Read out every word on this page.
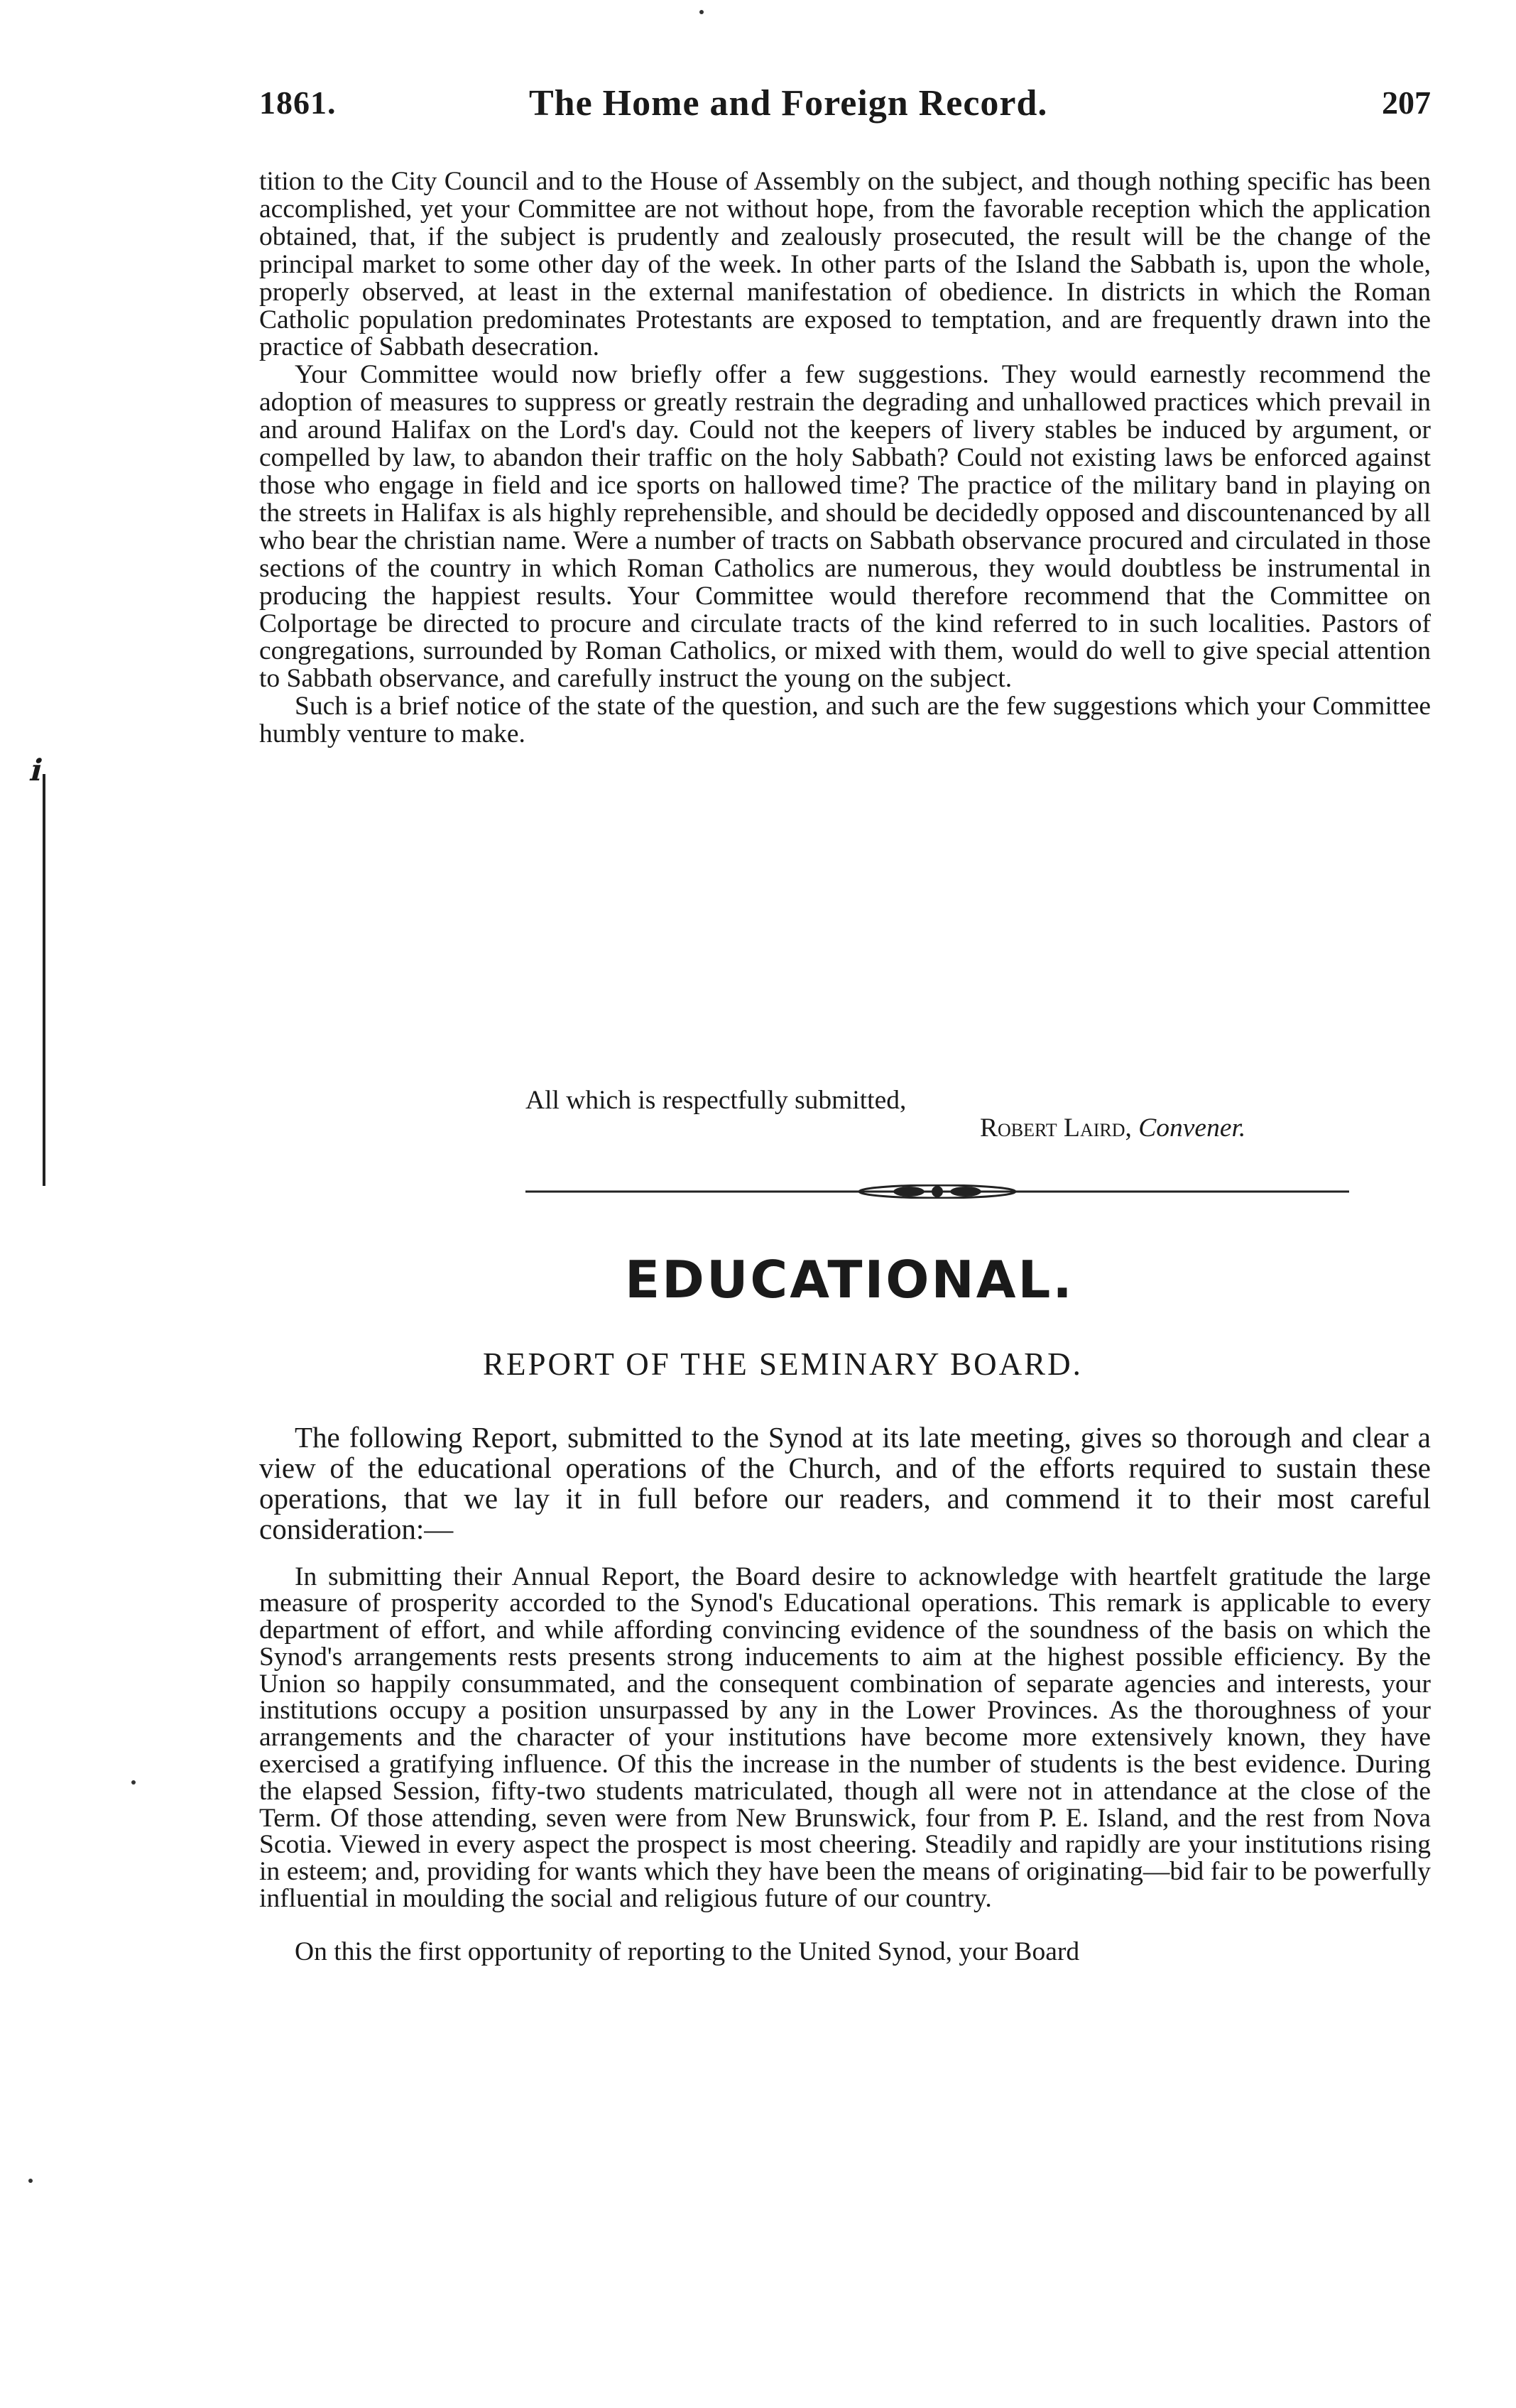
1861.	The Home and Foreign Record.	207
ℹ

tition to the City Council and to the House of Assembly on the subject, and though nothing specific has been accomplished, yet your Committee are not without hope, from the favorable reception which the application obtained, that, if the subject is prudently and zealously prosecuted, the result will be the change of the principal market to some other day of the week. In other parts of the Island the Sabbath is, upon the whole, properly observed, at least in the external manifestation of obedience. In districts in which the Roman Catholic population predominates Protestants are exposed to temptation, and are frequently drawn into the practice of Sabbath desecration.

Your Committee would now briefly offer a few suggestions. They would earnestly recommend the adoption of measures to suppress or greatly restrain the degrading and unhallowed practices which prevail in and around Halifax on the Lord's day. Could not the keepers of livery stables be induced by argument, or compelled by law, to abandon their traffic on the holy Sabbath? Could not existing laws be enforced against those who engage in field and ice sports on hallowed time? The practice of the military band in playing on the streets in Halifax is als highly reprehensible, and should be decidedly opposed and discountenanced by all who bear the christian name. Were a number of tracts on Sabbath observance procured and circulated in those sections of the country in which Roman Catholics are numerous, they would doubtless be instrumental in producing the happiest results. Your Committee would therefore recommend that the Committee on Colportage be directed to procure and circulate tracts of the kind referred to in such localities. Pastors of congregations, surrounded by Roman Catholics, or mixed with them, would do well to give special attention to Sabbath observance, and carefully instruct the young on the subject.

Such is a brief notice of the state of the question, and such are the few suggestions which your Committee humbly venture to make.

All which is respectfully submitted,
Robert Laird, Convener.
EDUCATIONAL.
REPORT OF THE SEMINARY BOARD.

The following Report, submitted to the Synod at its late meeting, gives so thorough and clear a view of the educational operations of the Church, and of the efforts required to sustain these operations, that we lay it in full before our readers, and commend it to their most careful consideration:—

In submitting their Annual Report, the Board desire to acknowledge with heartfelt gratitude the large measure of prosperity accorded to the Synod's Educational operations. This remark is applicable to every department of effort, and while affording convincing evidence of the soundness of the basis on which the Synod's arrangements rests presents strong inducements to aim at the highest possible efficiency. By the Union so happily consummated, and the consequent combination of separate agencies and interests, your institutions occupy a position unsurpassed by any in the Lower Provinces. As the thoroughness of your arrangements and the character of your institutions have become more extensively known, they have exercised a gratifying influence. Of this the increase in the number of students is the best evidence. During the elapsed Session, fifty-two students matriculated, though all were not in attendance at the close of the Term. Of those attending, seven were from New Brunswick, four from P. E. Island, and the rest from Nova Scotia. Viewed in every aspect the prospect is most cheering. Steadily and rapidly are your institutions rising in esteem; and, providing for wants which they have been the means of originating—bid fair to be powerfully influential in moulding the social and religious future of our country.

On this the first opportunity of reporting to the United Synod, your Board
